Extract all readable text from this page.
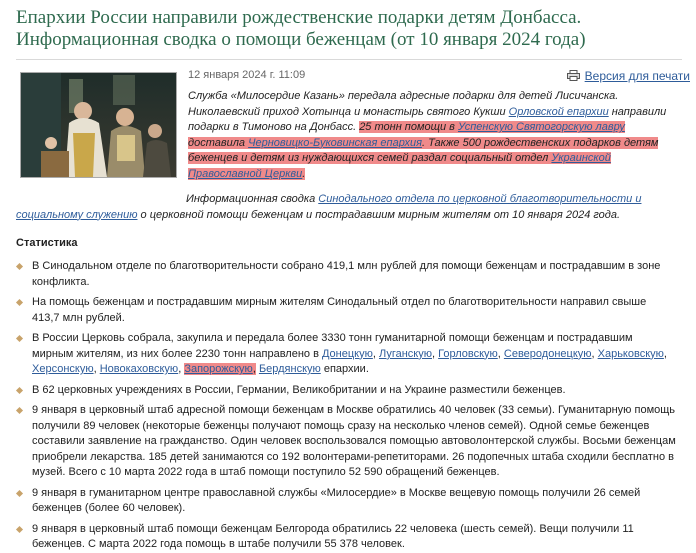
Епархии России направили рождественские подарки детям Донбасса. Информационная сводка о помощи беженцам (от 10 января 2024 года)
12 января 2024 г. 11:09	Версия для печати
Служба «Милосердие Казань» передала адресные подарки для детей Лисичанска. Николаевский приход Хотынца и монастырь святого Кукши Орловской епархии направили подарки в Тимоново на Донбасс. 25 тонн помощи в Успенскую Святогорскую лавру доставила Черновицко-Буковинская епархия. Также 500 рождественских подарков детям беженцев и детям из нуждающихся семей раздал социальный отдел Украинской Православной Церкви.
Информационная сводка Синодального отдела по церковной благотворительности и социальному служению о церковной помощи беженцам и пострадавшим мирным жителям от 10 января 2024 года.
Статистика
В Синодальном отделе по благотворительности собрано 419,1 млн рублей для помощи беженцам и пострадавшим в зоне конфликта.
На помощь беженцам и пострадавшим мирным жителям Синодальный отдел по благотворительности направил свыше 413,7 млн рублей.
В России Церковь собрала, закупила и передала более 3330 тонн гуманитарной помощи беженцам и пострадавшим мирным жителям, из них более 2230 тонн направлено в Донецкую, Луганскую, Горловскую, Северодонецкую, Харьковскую, Херсонскую, Новокаховскую, Запорожскую, Бердянскую епархии.
В 62 церковных учреждениях в России, Германии, Великобритании и на Украине разместили беженцев.
9 января в церковный штаб адресной помощи беженцам в Москве обратились 40 человек (33 семьи). Гуманитарную помощь получили 89 человек (некоторые беженцы получают помощь сразу на несколько членов семей). Одной семье беженцев составили заявление на гражданство. Один человек воспользовался помощью автоволонтерской службы. Восьми беженцам приобрели лекарства. 185 детей занимаются со 192 волонтерами-репетиторами. 26 подопечных штаба сходили бесплатно в музей. Всего с 10 марта 2022 года в штаб помощи поступило 52 590 обращений беженцев.
9 января в гуманитарном центре православной службы «Милосердие» в Москве вещевую помощь получили 26 семей беженцев (более 60 человек).
9 января в церковный штаб помощи беженцам Белгорода обратились 22 человека (шесть семей). Вещи получили 11 беженцев. С марта 2022 года помощь в штабе получили 55 378 человек.
